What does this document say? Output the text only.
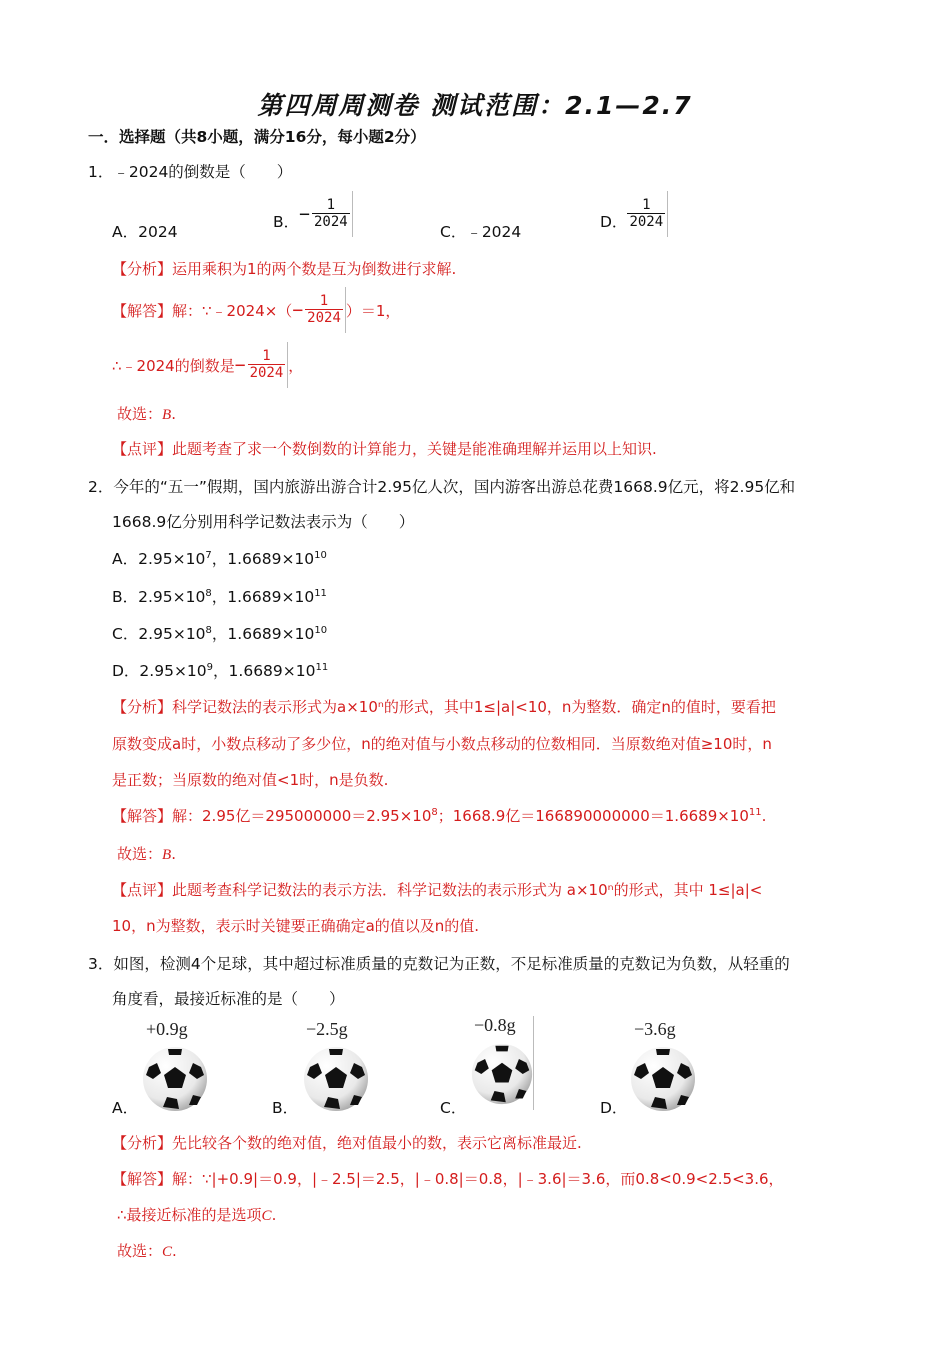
第四周周测卷 测试范围：2.1—2.7
一．选择题（共8小题，满分16分，每小题2分）
1．﹣2024的倒数是（　　）
A．2024
B． − $\frac{1}{2024}$
C．﹣2024
D． $\frac{1}{2024}$
【分析】运用乘积为1的两个数是互为倒数进行求解.
【解答】 解：∵﹣2024×（ − $\frac{1}{2024} )=1$，
∴﹣2024的倒数是 − $\frac{1}{2024}$ ，
故选：B.
【点评】此题考查了求一个数倒数的计算能力，关键是能准确理解并运用以上知识.
2．今年的“五一”假期，国内旅游出游合计2.95亿人次，国内游客出游总花费1668.9亿元，将2.95亿和
1668.9亿分别用科学记数法表示为（　　）
A．$2.95\times 10^7$，$1.6689\times 10^{10}$
B．$2.95\times 10^8$，$1.6689\times 10^{11}$
C．$2.95\times 10^8$，$1.6689\times 10^{10}$
D．$2.95\times 10^9$，$1.6689\times 10^{11}$
【分析】科学记数法的表示形式为a×10ⁿ的形式，其中1≤|a|<10，n为整数．确定n的值时，要看把
原数变成a时，小数点移动了多少位，n的绝对值与小数点移动的位数相同．当原数绝对值≥10时，n
是正数；当原数的绝对值<1时，n是负数.
【解答】解：2.95亿$=295000000=2.95\times 10^8$；1668.9亿$=166890000000=1.6689\times 10^{11}$.
故选：B.
【点评】此题考查科学记数法的表示方法．科学记数法的表示形式为 a×10ⁿ的形式，其中 1≤|a|<
10，n为整数，表示时关键要正确确定a的值以及n的值.
3．如图，检测4个足球，其中超过标准质量的克数记为正数，不足标准质量的克数记为负数，从轻重的
角度看，最接近标准的是（　　）
A．
+0.9g
B．
−2.5g
C．
−0.8g
D．
−3.6g
【分析】先比较各个数的绝对值，绝对值最小的数，表示它离标准最近.
【解答】解：∵|+0.9|＝0.9，|﹣2.5|＝2.5，|﹣0.8|＝0.8，|﹣3.6|＝3.6，而0.8<0.9<2.5<3.6，
∴最接近标准的是选项C.
故选：C.
